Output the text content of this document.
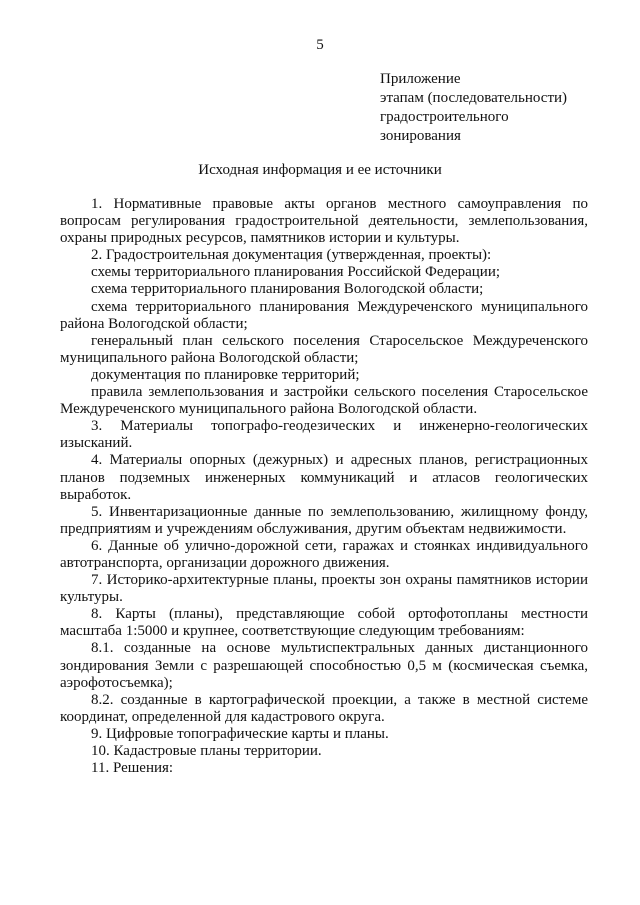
5
Приложение
этапам (последовательности)
градостроительного
зонирования
Исходная информация и ее источники

1. Нормативные правовые акты органов местного самоуправления по вопросам регулирования градостроительной деятельности, землепользования, охраны природных ресурсов, памятников истории и культуры.

2. Градостроительная документация (утвержденная, проекты):

схемы территориального планирования Российской Федерации;

схема территориального планирования Вологодской области;

схема территориального планирования Междуреченского муниципального района Вологодской области;

генеральный план сельского поселения Старосельское Междуреченского муниципального района Вологодской области;

документация по планировке территорий;

правила землепользования и застройки сельского поселения Старосельское Междуреченского муниципального района Вологодской области.

3. Материалы топографо-геодезических и инженерно-геологических изысканий.

4. Материалы опорных (дежурных) и адресных планов, регистрационных планов подземных инженерных коммуникаций и атласов геологических выработок.

5. Инвентаризационные данные по землепользованию, жилищному фонду, предприятиям и учреждениям обслуживания, другим объектам недвижимости.

6. Данные об улично-дорожной сети, гаражах и стоянках индивидуального автотранспорта, организации дорожного движения.

7. Историко-архитектурные планы, проекты зон охраны памятников истории культуры.

8. Карты (планы), представляющие собой ортофотопланы местности масштаба 1:5000 и крупнее, соответствующие следующим требованиям:

8.1. созданные на основе мультиспектральных данных дистанционного зондирования Земли с разрешающей способностью 0,5 м (космическая съемка, аэрофотосъемка);

8.2. созданные в картографической проекции, а также в местной системе координат, определенной для кадастрового округа.

9. Цифровые топографические карты и планы.

10. Кадастровые планы территории.

11. Решения:
